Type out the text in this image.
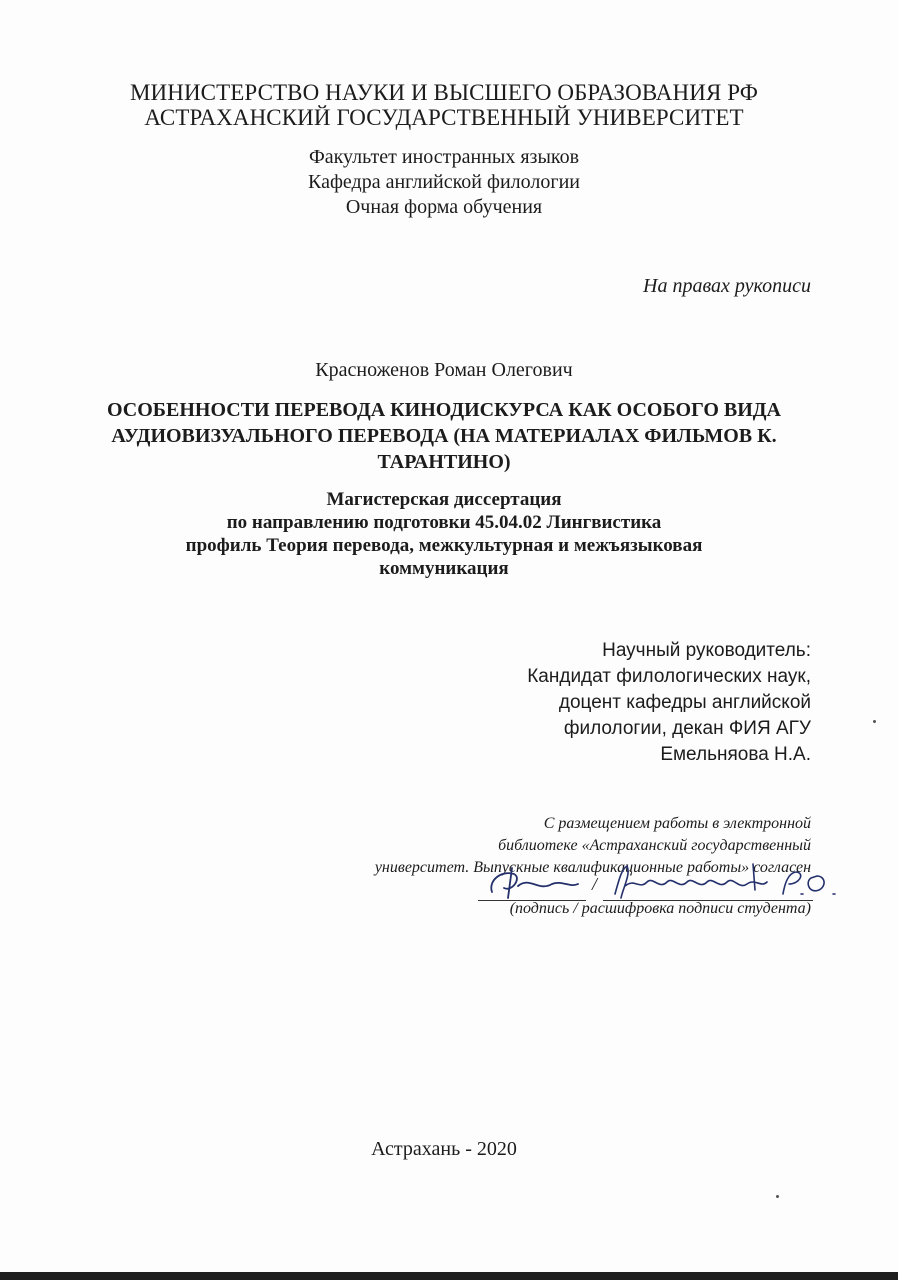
МИНИСТЕРСТВО НАУКИ И ВЫСШЕГО ОБРАЗОВАНИЯ РФ
АСТРАХАНСКИЙ ГОСУДАРСТВЕННЫЙ УНИВЕРСИТЕТ
Факультет иностранных языков
Кафедра английской филологии
Очная форма обучения
На правах рукописи
Красноженов Роман Олегович
ОСОБЕННОСТИ ПЕРЕВОДА КИНОДИСКУРСА КАК ОСОБОГО ВИДА АУДИОВИЗУАЛЬНОГО ПЕРЕВОДА (НА МАТЕРИАЛАХ ФИЛЬМОВ К. ТАРАНТИНО)
Магистерская диссертация
по направлению подготовки 45.04.02 Лингвистика
профиль Теория перевода, межкультурная и межъязыковая
коммуникация
Научный руководитель:
Кандидат филологических наук,
доцент кафедры английской
филологии, декан ФИЯ АГУ
Емельняова Н.А.
С размещением работы в электронной
библиотеке «Астраханский государственный
университет. Выпускные квалификационные работы» согласен
/
(подпись / расшифровка подписи студента)
Астрахань - 2020
